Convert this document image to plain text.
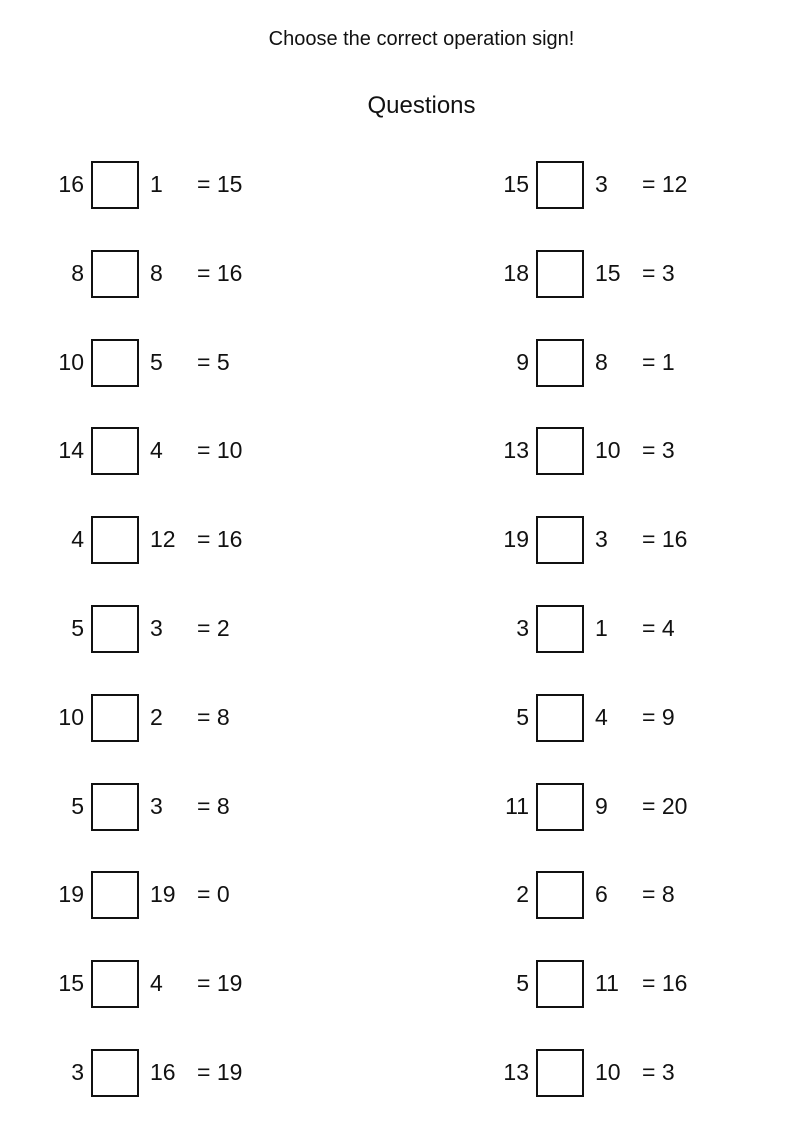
Choose the correct operation sign!
Questions
16	1 = 15
8	8 = 16
10	5 = 5
14	4 = 10
4	12 = 16
5	3 = 2
10	2 = 8
5	3 = 8
19	19 = 0
15	4 = 19
3	16 = 19
15	3 = 12
18	15 = 3
9	8 = 1
13	10 = 3
19	3 = 16
3	1 = 4
5	4 = 9
11	9 = 20
2	6 = 8
5	11 = 16
13	10 = 3
